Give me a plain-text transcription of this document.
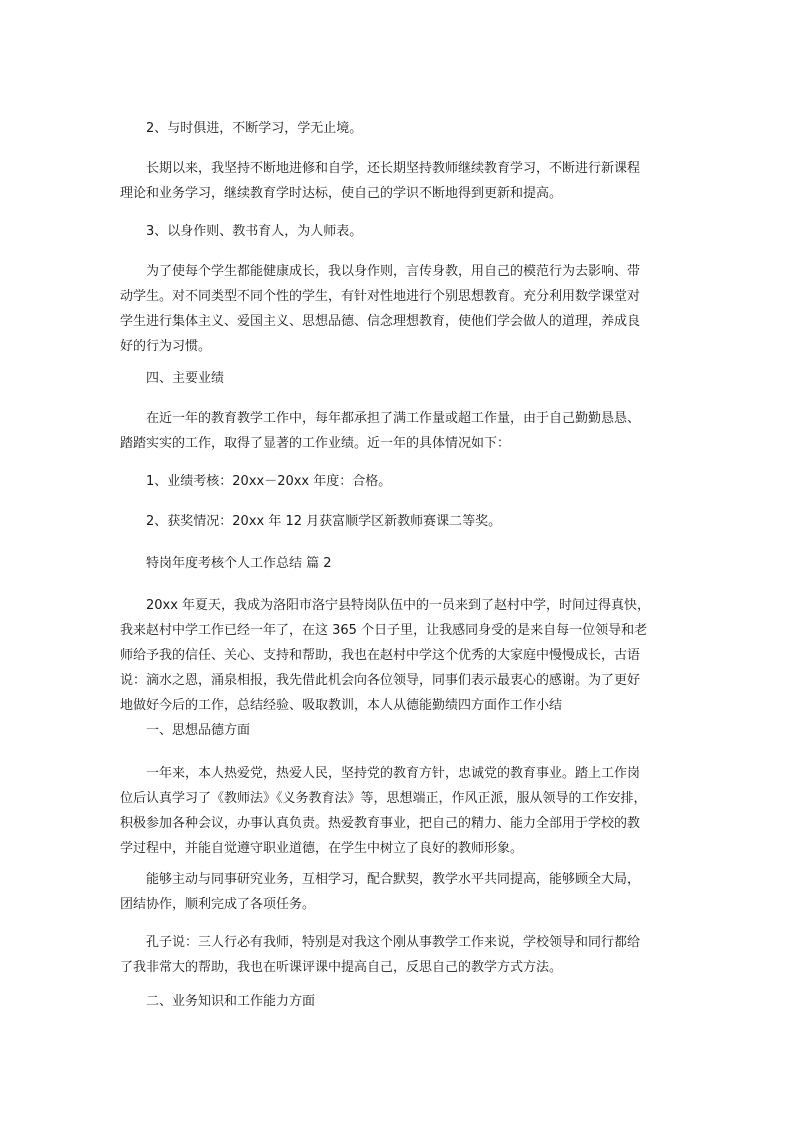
2、与时俱进，不断学习，学无止境。
长期以来，我坚持不断地进修和自学，还长期坚持教师继续教育学习，不断进行新课程
理论和业务学习，继续教育学时达标，使自己的学识不断地得到更新和提高。
3、以身作则、教书育人，为人师表。
为了使每个学生都能健康成长，我以身作则，言传身教，用自己的模范行为去影响、带
动学生。对不同类型不同个性的学生，有针对性地进行个别思想教育。充分利用数学课堂对
学生进行集体主义、爱国主义、思想品德、信念理想教育，使他们学会做人的道理，养成良
好的行为习惯。
四、主要业绩
在近一年的教育教学工作中，每年都承担了满工作量或超工作量，由于自己勤勤恳恳、
踏踏实实的工作，取得了显著的工作业绩。近一年的具体情况如下：
1、业绩考核：20xx－20xx 年度：合格。
2、获奖情况：20xx 年 12 月获富顺学区新教师赛课二等奖。
特岗年度考核个人工作总结 篇 2
20xx 年夏天，我成为洛阳市洛宁县特岗队伍中的一员来到了赵村中学，时间过得真快，
我来赵村中学工作已经一年了，在这 365 个日子里，让我感同身受的是来自每一位领导和老
师给予我的信任、关心、支持和帮助，我也在赵村中学这个优秀的大家庭中慢慢成长，古语
说：滴水之恩，涌泉相报，我先借此机会向各位领导，同事们表示最衷心的感谢。为了更好
地做好今后的工作，总结经验、吸取教训，本人从德能勤绩四方面作工作小结
一、思想品德方面
一年来，本人热爱党，热爱人民，坚持党的教育方针，忠诚党的教育事业。踏上工作岗
位后认真学习了《教师法》《义务教育法》等，思想端正，作风正派，服从领导的工作安排，
积极参加各种会议，办事认真负责。热爱教育事业，把自己的精力、能力全部用于学校的教
学过程中，并能自觉遵守职业道德，在学生中树立了良好的教师形象。
能够主动与同事研究业务，互相学习，配合默契，教学水平共同提高，能够顾全大局，
团结协作，顺利完成了各项任务。
孔子说：三人行必有我师，特别是对我这个刚从事教学工作来说，学校领导和同行都给
了我非常大的帮助，我也在听课评课中提高自己，反思自己的教学方式方法。
二、业务知识和工作能力方面
